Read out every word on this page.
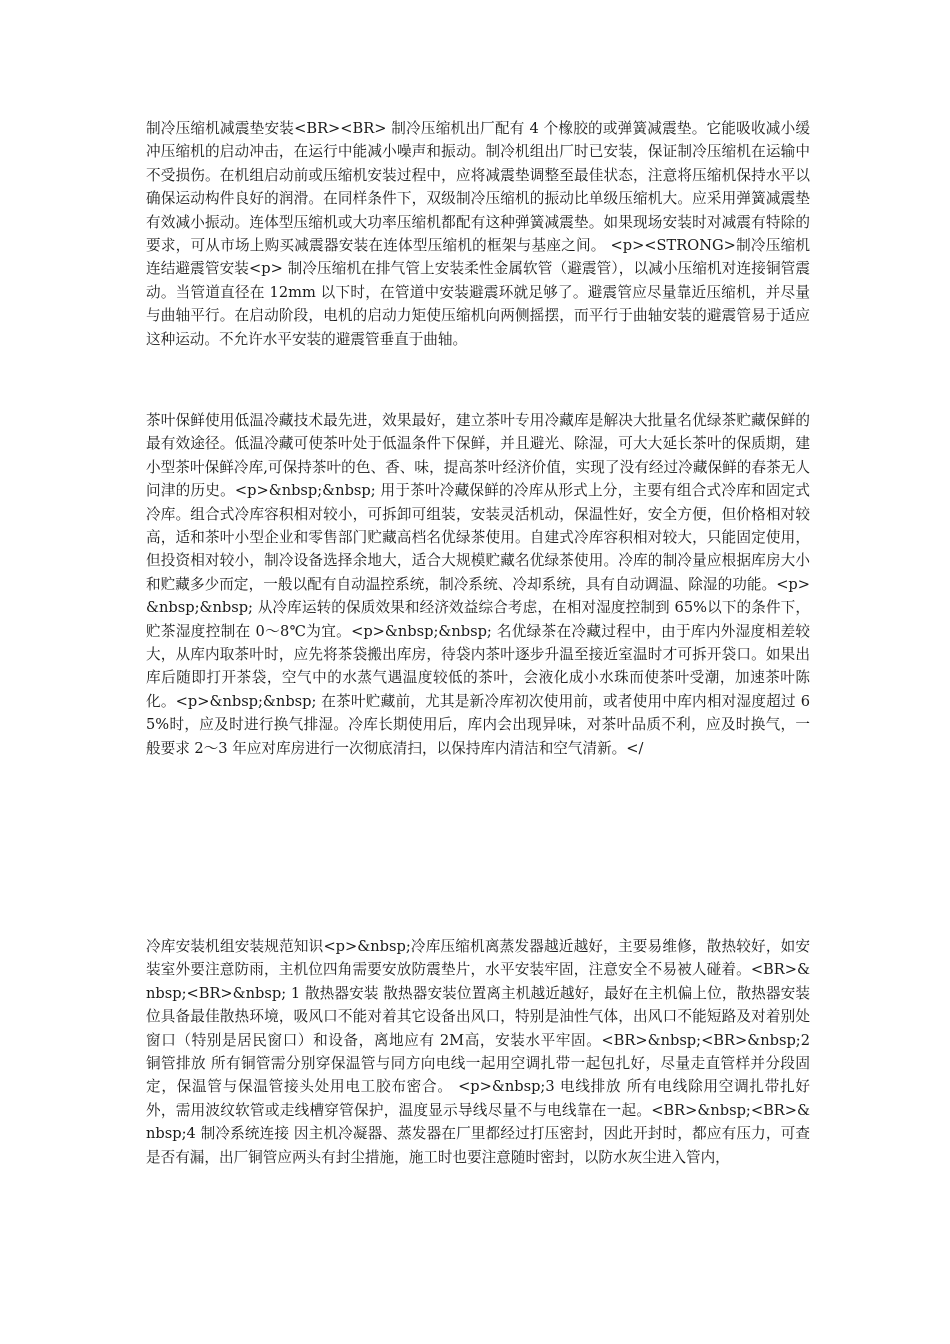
制冷压缩机减震垫安装<BR><BR> 制冷压缩机出厂配有 4 个橡胶的或弹簧减震垫。它能吸收减小缓冲压缩机的启动冲击，在运行中能减小噪声和振动。制冷机组出厂时已安装，保证制冷压缩机在运输中不受损伤。在机组启动前或压缩机安装过程中，应将减震垫调整至最佳状态，注意将压缩机保持水平以确保运动构件良好的润滑。在同样条件下，双级制冷压缩机的振动比单级压缩机大。应采用弹簧减震垫有效减小振动。连体型压缩机或大功率压缩机都配有这种弹簧减震垫。如果现场安装时对减震有特除的要求，可从市场上购买减震器安装在连体型压缩机的框架与基座之间。 <p><STRONG>制冷压缩机连结避震管安装<p> 制冷压缩机在排气管上安装柔性金属软管（避震管），以减小压缩机对连接铜管震动。当管道直径在 12mm 以下时，在管道中安装避震环就足够了。避震管应尽量靠近压缩机，并尽量与曲轴平行。在启动阶段，电机的启动力矩使压缩机向两侧摇摆，而平行于曲轴安装的避震管易于适应这种运动。不允许水平安装的避震管垂直于曲轴。

茶叶保鲜使用低温冷藏技术最先进，效果最好，建立茶叶专用冷藏库是解决大批量名优绿茶贮藏保鲜的最有效途径。低温冷藏可使茶叶处于低温条件下保鲜，并且避光、除湿，可大大延长茶叶的保质期，建小型茶叶保鲜冷库,可保持茶叶的色、香、味，提高茶叶经济价值，实现了没有经过冷藏保鲜的春茶无人问津的历史。<p>&nbsp;&nbsp; 用于茶叶冷藏保鲜的冷库从形式上分，主要有组合式冷库和固定式冷库。组合式冷库容积相对较小，可拆卸可组装，安装灵活机动，保温性好，安全方便，但价格相对较高，适和茶叶小型企业和零售部门贮藏高档名优绿茶使用。自建式冷库容积相对较大，只能固定使用，但投资相对较小，制冷设备选择余地大，适合大规模贮藏名优绿茶使用。冷库的制冷量应根据库房大小和贮藏多少而定，一般以配有自动温控系统，制冷系统、冷却系统，具有自动调温、除湿的功能。<p>&nbsp;&nbsp; 从冷库运转的保质效果和经济效益综合考虑，在相对湿度控制到 65%以下的条件下，贮茶湿度控制在 0～8℃为宜。<p>&nbsp;&nbsp; 名优绿茶在冷藏过程中，由于库内外湿度相差较大，从库内取茶叶时，应先将茶袋搬出库房，待袋内茶叶逐步升温至接近室温时才可拆开袋口。如果出库后随即打开茶袋，空气中的水蒸气遇温度较低的茶叶，会液化成小水珠而使茶叶受潮，加速茶叶陈化。<p>&nbsp;&nbsp; 在茶叶贮藏前，尤其是新冷库初次使用前，或者使用中库内相对湿度超过 65%时，应及时进行换气排湿。冷库长期使用后，库内会出现异味，对茶叶品质不利，应及时换气，一般要求 2～3 年应对库房进行一次彻底清扫，以保持库内清洁和空气清新。</

冷库安装机组安装规范知识<p>&nbsp;冷库压缩机离蒸发器越近越好，主要易维修，散热较好，如安装室外要注意防雨，主机位四角需要安放防震垫片，水平安装牢固，注意安全不易被人碰着。<BR>&nbsp;<BR>&nbsp; 1 散热器安装 散热器安装位置离主机越近越好，最好在主机偏上位，散热器安装位具备最佳散热环境，吸风口不能对着其它设备出风口，特别是油性气体，出风口不能短路及对着别处窗口（特别是居民窗口）和设备，离地应有 2M高，安装水平牢固。<BR>&nbsp;<BR>&nbsp;2 铜管排放 所有铜管需分别穿保温管与同方向电线一起用空调扎带一起包扎好，尽量走直管样并分段固定，保温管与保温管接头处用电工胶布密合。 <p>&nbsp;3 电线排放 所有电线除用空调扎带扎好外，需用波纹软管或走线槽穿管保护，温度显示导线尽量不与电线靠在一起。<BR>&nbsp;<BR>&nbsp;4 制冷系统连接 因主机冷凝器、蒸发器在厂里都经过打压密封，因此开封时，都应有压力，可查是否有漏，出厂铜管应两头有封尘措施，施工时也要注意随时密封，以防水灰尘进入管内，
